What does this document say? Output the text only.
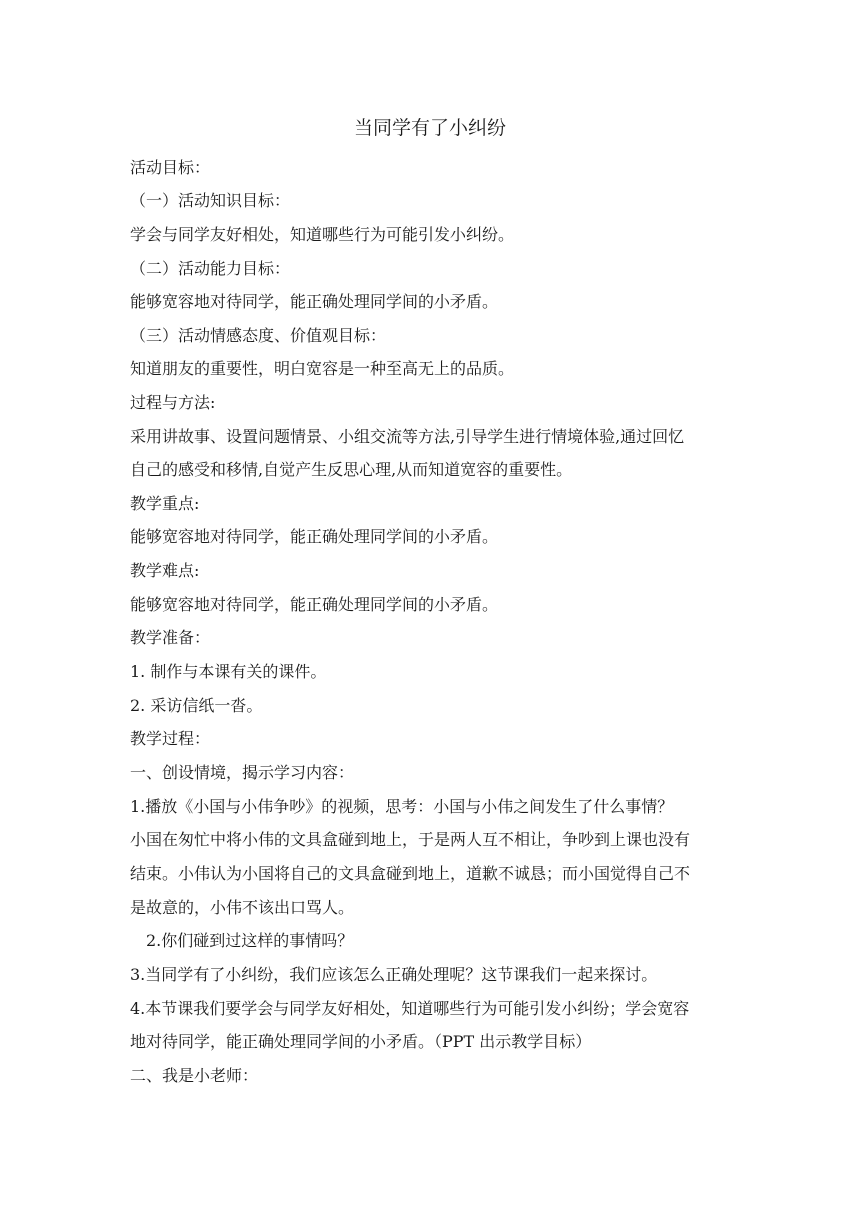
当同学有了小纠纷
活动目标：
（一）活动知识目标：
学会与同学友好相处，知道哪些行为可能引发小纠纷。
（二）活动能力目标：
能够宽容地对待同学，能正确处理同学间的小矛盾。
（三）活动情感态度、价值观目标：
知道朋友的重要性，明白宽容是一种至高无上的品质。
过程与方法:
采用讲故事、设置问题情景、小组交流等方法,引导学生进行情境体验,通过回忆
自己的感受和移情,自觉产生反思心理,从而知道宽容的重要性。
教学重点:
能够宽容地对待同学，能正确处理同学间的小矛盾。
教学难点:
能够宽容地对待同学，能正确处理同学间的小矛盾。
教学准备：
1. 制作与本课有关的课件。
2. 采访信纸一沓。
教学过程：
一、创设情境，揭示学习内容：
1.播放《小国与小伟争吵》的视频，思考：小国与小伟之间发生了什么事情？
小国在匆忙中将小伟的文具盒碰到地上，于是两人互不相让，争吵到上课也没有
结束。小伟认为小国将自己的文具盒碰到地上，道歉不诚恳；而小国觉得自己不
是故意的，小伟不该出口骂人。
2.你们碰到过这样的事情吗？
3.当同学有了小纠纷，我们应该怎么正确处理呢？这节课我们一起来探讨。
4.本节课我们要学会与同学友好相处，知道哪些行为可能引发小纠纷；学会宽容
地对待同学，能正确处理同学间的小矛盾。（PPT 出示教学目标）
二、我是小老师：
